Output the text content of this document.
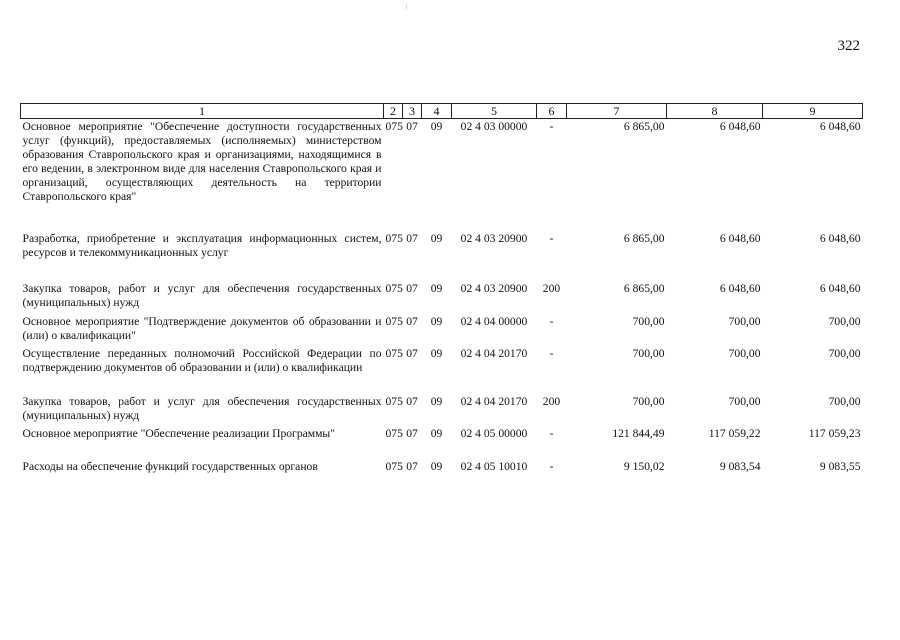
322
1	2	3	4	5	6	7	8	9
Основное мероприятие "Обеспечение доступности государственных услуг (функций), предоставляемых (исполняемых) министерством образования Ставропольского края и организациями, находящимися в его ведении, в электронном виде для населения Ставропольского края и организаций, осуществляющих деятельность на территории Ставропольского края"	075	07	09	02 4 03 00000	-	6 865,00	6 048,60	6 048,60
Разработка, приобретение и эксплуатация информационных систем, ресурсов и телекоммуникационных услуг	075	07	09	02 4 03 20900	-	6 865,00	6 048,60	6 048,60
Закупка товаров, работ и услуг для обеспечения государственных (муниципальных) нужд	075	07	09	02 4 03 20900	200	6 865,00	6 048,60	6 048,60
Основное мероприятие "Подтверждение документов об образовании и (или) о квалификации"	075	07	09	02 4 04 00000	-	700,00	700,00	700,00
Осуществление переданных полномочий Российской Федерации по подтверждению документов об образовании и (или) о квалификации	075	07	09	02 4 04 20170	-	700,00	700,00	700,00
Закупка товаров, работ и услуг для обеспечения государственных (муниципальных) нужд	075	07	09	02 4 04 20170	200	700,00	700,00	700,00
Основное мероприятие "Обеспечение реализации Программы"	075	07	09	02 4 05 00000	-	121 844,49	117 059,22	117 059,23
Расходы на обеспечение функций государственных органов	075	07	09	02 4 05 10010	-	9 150,02	9 083,54	9 083,55
